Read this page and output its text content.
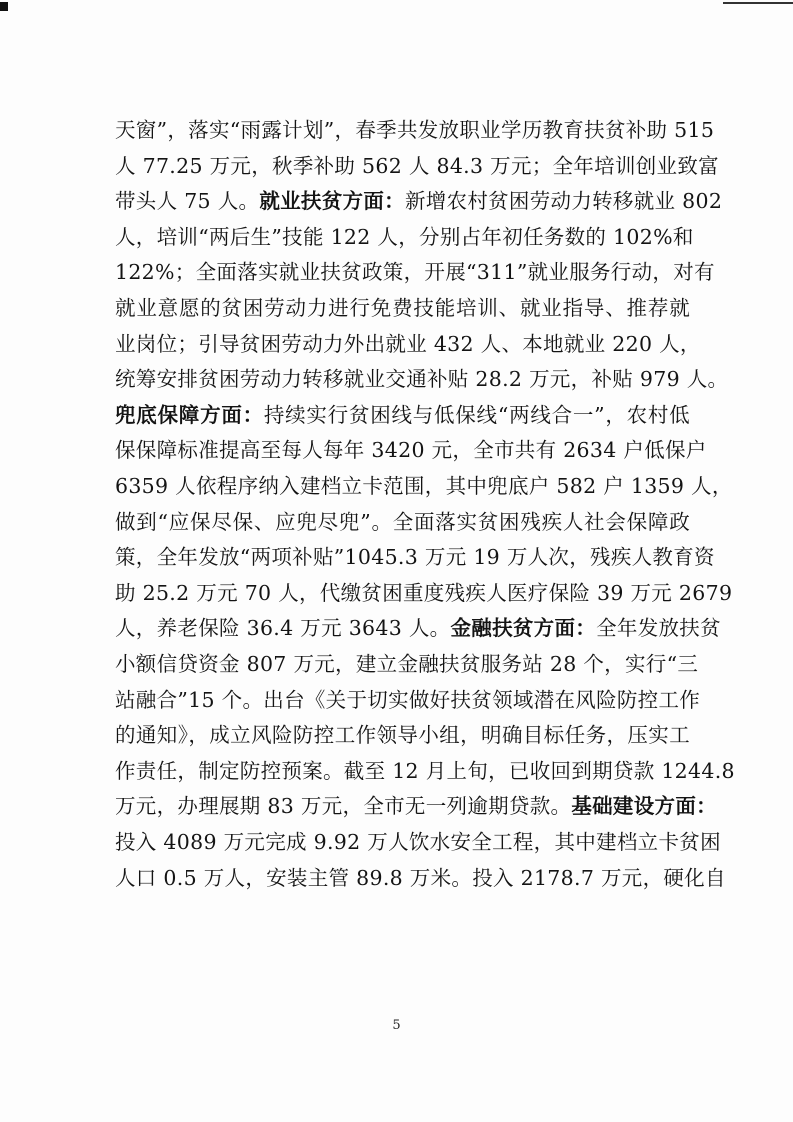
天窗”，落实“雨露计划”，春季共发放职业学历教育扶贫补助 515
人 77.25 万元，秋季补助 562 人 84.3 万元；全年培训创业致富
带头人 75 人。就业扶贫方面：新增农村贫困劳动力转移就业 802
人，培训“两后生”技能 122 人，分别占年初任务数的 102%和
122%；全面落实就业扶贫政策，开展“311”就业服务行动，对有
就业意愿的贫困劳动力进行免费技能培训、就业指导、推荐就
业岗位；引导贫困劳动力外出就业 432 人、本地就业 220 人，
统筹安排贫困劳动力转移就业交通补贴 28.2 万元，补贴 979 人。
兜底保障方面：持续实行贫困线与低保线“两线合一”，农村低
保保障标准提高至每人每年 3420 元，全市共有 2634 户低保户
6359 人依程序纳入建档立卡范围，其中兜底户 582 户 1359 人，
做到“应保尽保、应兜尽兜”。全面落实贫困残疾人社会保障政
策，全年发放“两项补贴”1045.3 万元 19 万人次，残疾人教育资
助 25.2 万元 70 人，代缴贫困重度残疾人医疗保险 39 万元 2679
人，养老保险 36.4 万元 3643 人。金融扶贫方面：全年发放扶贫
小额信贷资金 807 万元，建立金融扶贫服务站 28 个，实行“三
站融合”15 个。出台《关于切实做好扶贫领域潜在风险防控工作
的通知》，成立风险防控工作领导小组，明确目标任务，压实工
作责任，制定防控预案。截至 12 月上旬，已收回到期贷款 1244.8
万元，办理展期 83 万元，全市无一列逾期贷款。基础建设方面：
投入 4089 万元完成 9.92 万人饮水安全工程，其中建档立卡贫困
人口 0.5 万人，安装主管 89.8 万米。投入 2178.7 万元，硬化自
5
